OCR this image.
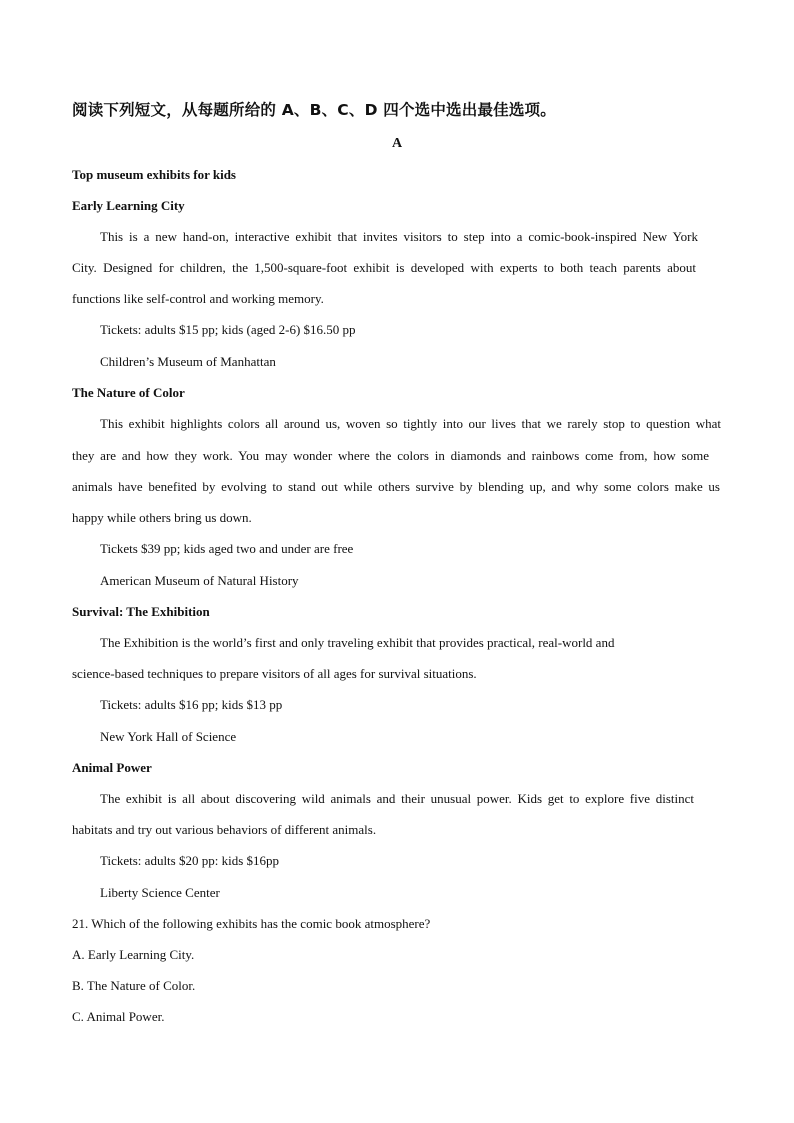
阅读下列短文，从每题所给的 A、B、C、D 四个选中选出最佳选项。
A
Top museum exhibits for kids
Early Learning City
This is a new hand-on, interactive exhibit that invites visitors to step into a comic-book-inspired New York
City. Designed for children, the 1,500-square-foot exhibit is developed with experts to both teach parents about
functions like self-control and working memory.
Tickets: adults $15 pp; kids (aged 2-6) $16.50 pp
Children’s Museum of Manhattan
The Nature of Color
This exhibit highlights colors all around us, woven so tightly into our lives that we rarely stop to question what
they are and how they work. You may wonder where the colors in diamonds and rainbows come from, how some
animals have benefited by evolving to stand out while others survive by blending up, and why some colors make us
happy while others bring us down.
Tickets $39 pp; kids aged two and under are free
American Museum of Natural History
Survival: The Exhibition
The Exhibition is the world’s first and only traveling exhibit that provides practical, real-world and
science-based techniques to prepare visitors of all ages for survival situations.
Tickets: adults $16 pp; kids $13 pp
New York Hall of Science
Animal Power
The exhibit is all about discovering wild animals and their unusual power. Kids get to explore five distinct
habitats and try out various behaviors of different animals.
Tickets: adults $20 pp: kids $16pp
Liberty Science Center
21. Which of the following exhibits has the comic book atmosphere?
A. Early Learning City.
B. The Nature of Color.
C. Animal Power.
